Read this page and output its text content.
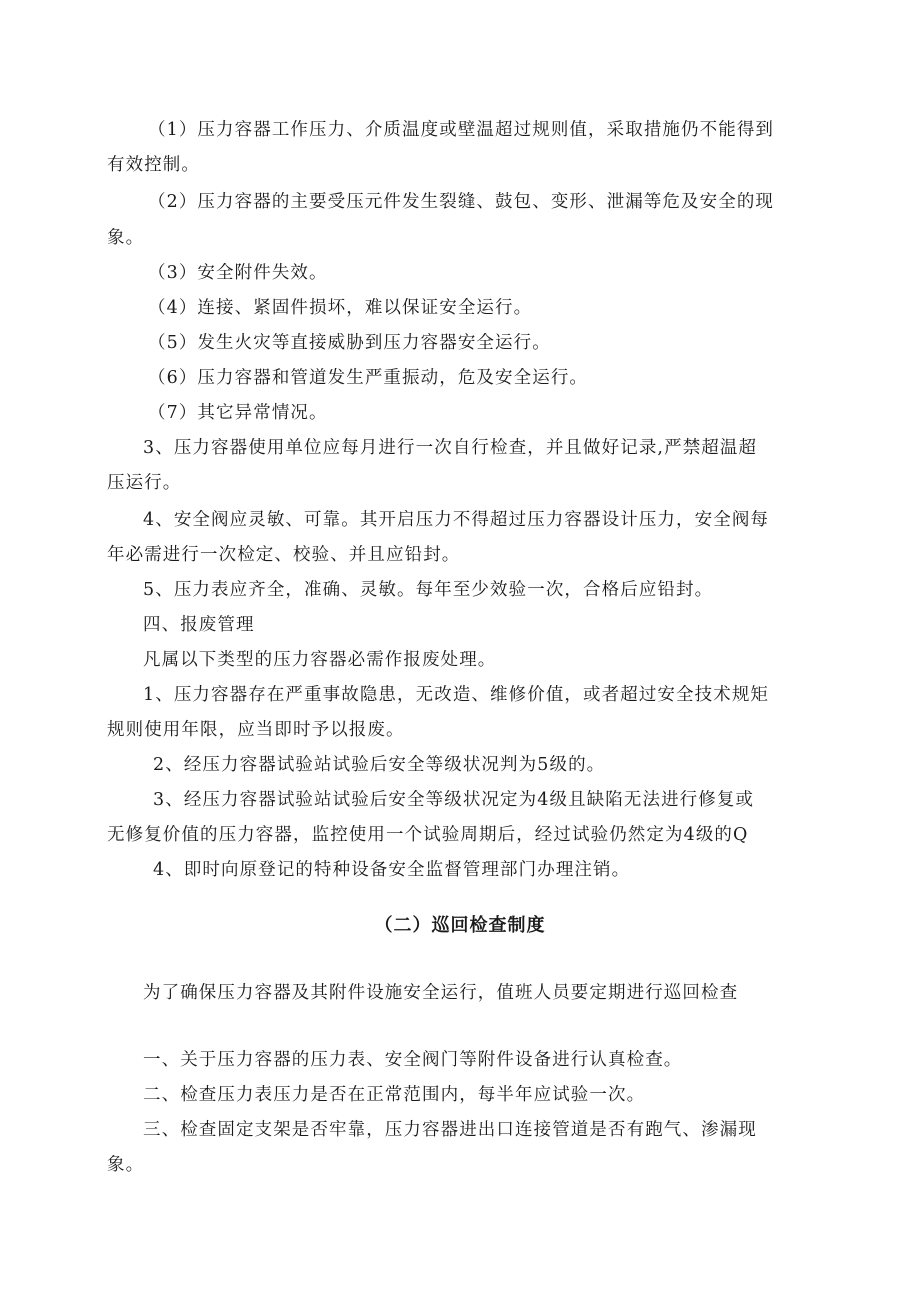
（1）压力容器工作压力、介质温度或壁温超过规则值，采取措施仍不能得到
有效控制。
（2）压力容器的主要受压元件发生裂缝、鼓包、变形、泄漏等危及安全的现
象。
（3）安全附件失效。
（4）连接、紧固件损坏，难以保证安全运行。
（5）发生火灾等直接威胁到压力容器安全运行。
（6）压力容器和管道发生严重振动，危及安全运行。
（7）其它异常情况。
3、压力容器使用单位应每月进行一次自行检查，并且做好记录,严禁超温超
压运行。
4、安全阀应灵敏、可靠。其开启压力不得超过压力容器设计压力，安全阀每
年必需进行一次检定、校验、并且应铅封。
5、压力表应齐全，准确、灵敏。每年至少效验一次，合格后应铅封。
四、报废管理
凡属以下类型的压力容器必需作报废处理。
1、压力容器存在严重事故隐患，无改造、维修价值，或者超过安全技术规矩
规则使用年限，应当即时予以报废。
2、经压力容器试验站试验后安全等级状况判为5级的。
3、经压力容器试验站试验后安全等级状况定为4级且缺陷无法进行修复或
无修复价值的压力容器，监控使用一个试验周期后，经过试验仍然定为4级的Q
4、即时向原登记的特种设备安全监督管理部门办理注销。
（二）巡回检查制度
为了确保压力容器及其附件设施安全运行，值班人员要定期进行巡回检查
一、关于压力容器的压力表、安全阀门等附件设备进行认真检查。
二、检查压力表压力是否在正常范围内，每半年应试验一次。
三、检查固定支架是否牢靠，压力容器进出口连接管道是否有跑气、渗漏现
象。
